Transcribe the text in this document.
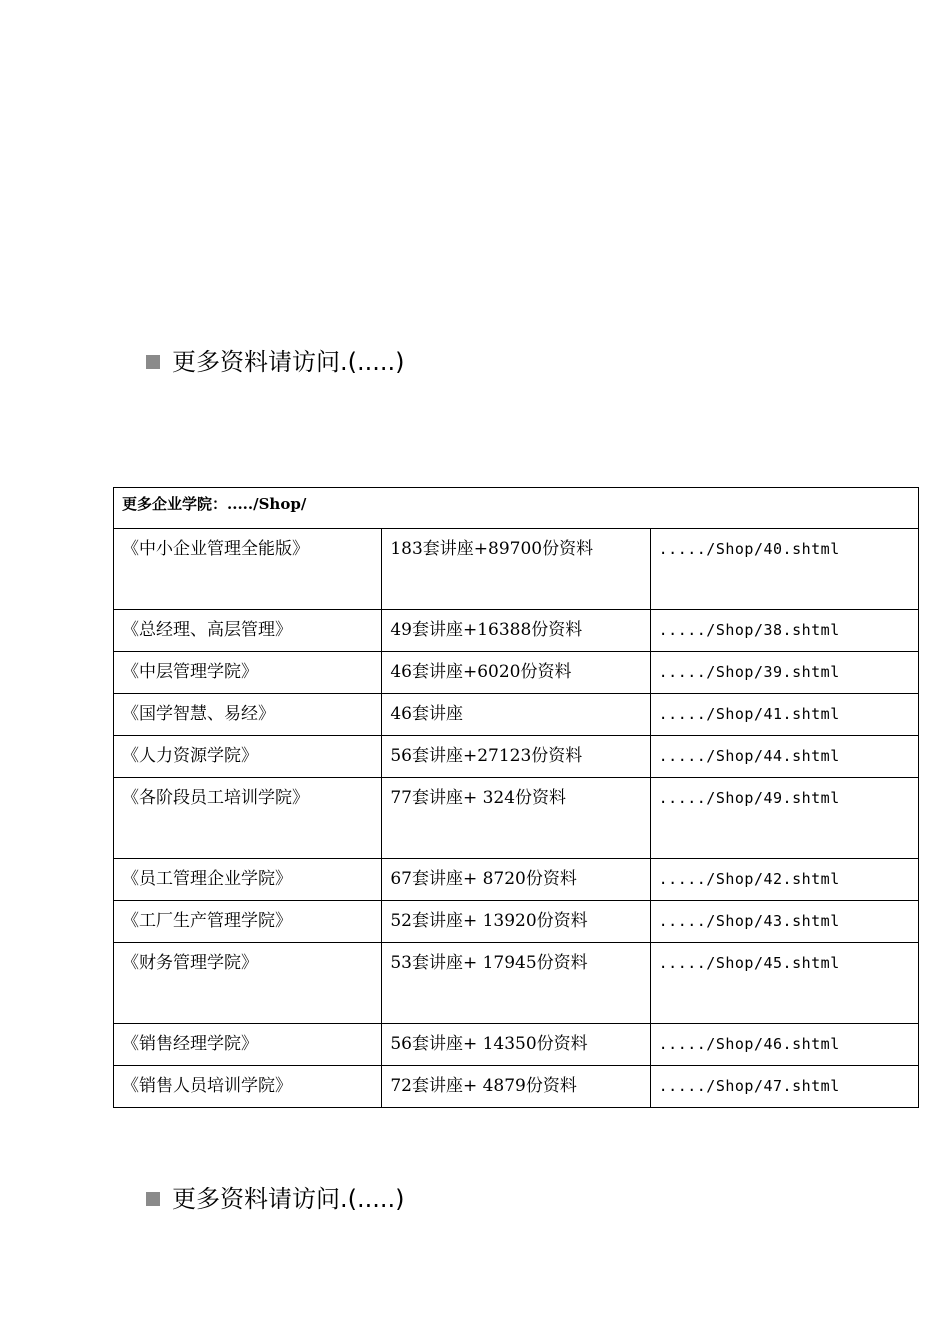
更多资料请访问.(.....)
更多企业学院：...../Shop/		
《中小企业管理全能版》	183套讲座+89700份资料	...../Shop/40.shtml
《总经理、高层管理》	49套讲座+16388份资料	...../Shop/38.shtml
《中层管理学院》	46套讲座+6020份资料	...../Shop/39.shtml
《国学智慧、易经》	46套讲座	...../Shop/41.shtml
《人力资源学院》	56套讲座+27123份资料	...../Shop/44.shtml
《各阶段员工培训学院》	77套讲座+ 324份资料	...../Shop/49.shtml
《员工管理企业学院》	67套讲座+ 8720份资料	...../Shop/42.shtml
《工厂生产管理学院》	52套讲座+ 13920份资料	...../Shop/43.shtml
《财务管理学院》	53套讲座+ 17945份资料	...../Shop/45.shtml
《销售经理学院》	56套讲座+ 14350份资料	...../Shop/46.shtml
《销售人员培训学院》	72套讲座+ 4879份资料	...../Shop/47.shtml
更多资料请访问.(.....)
